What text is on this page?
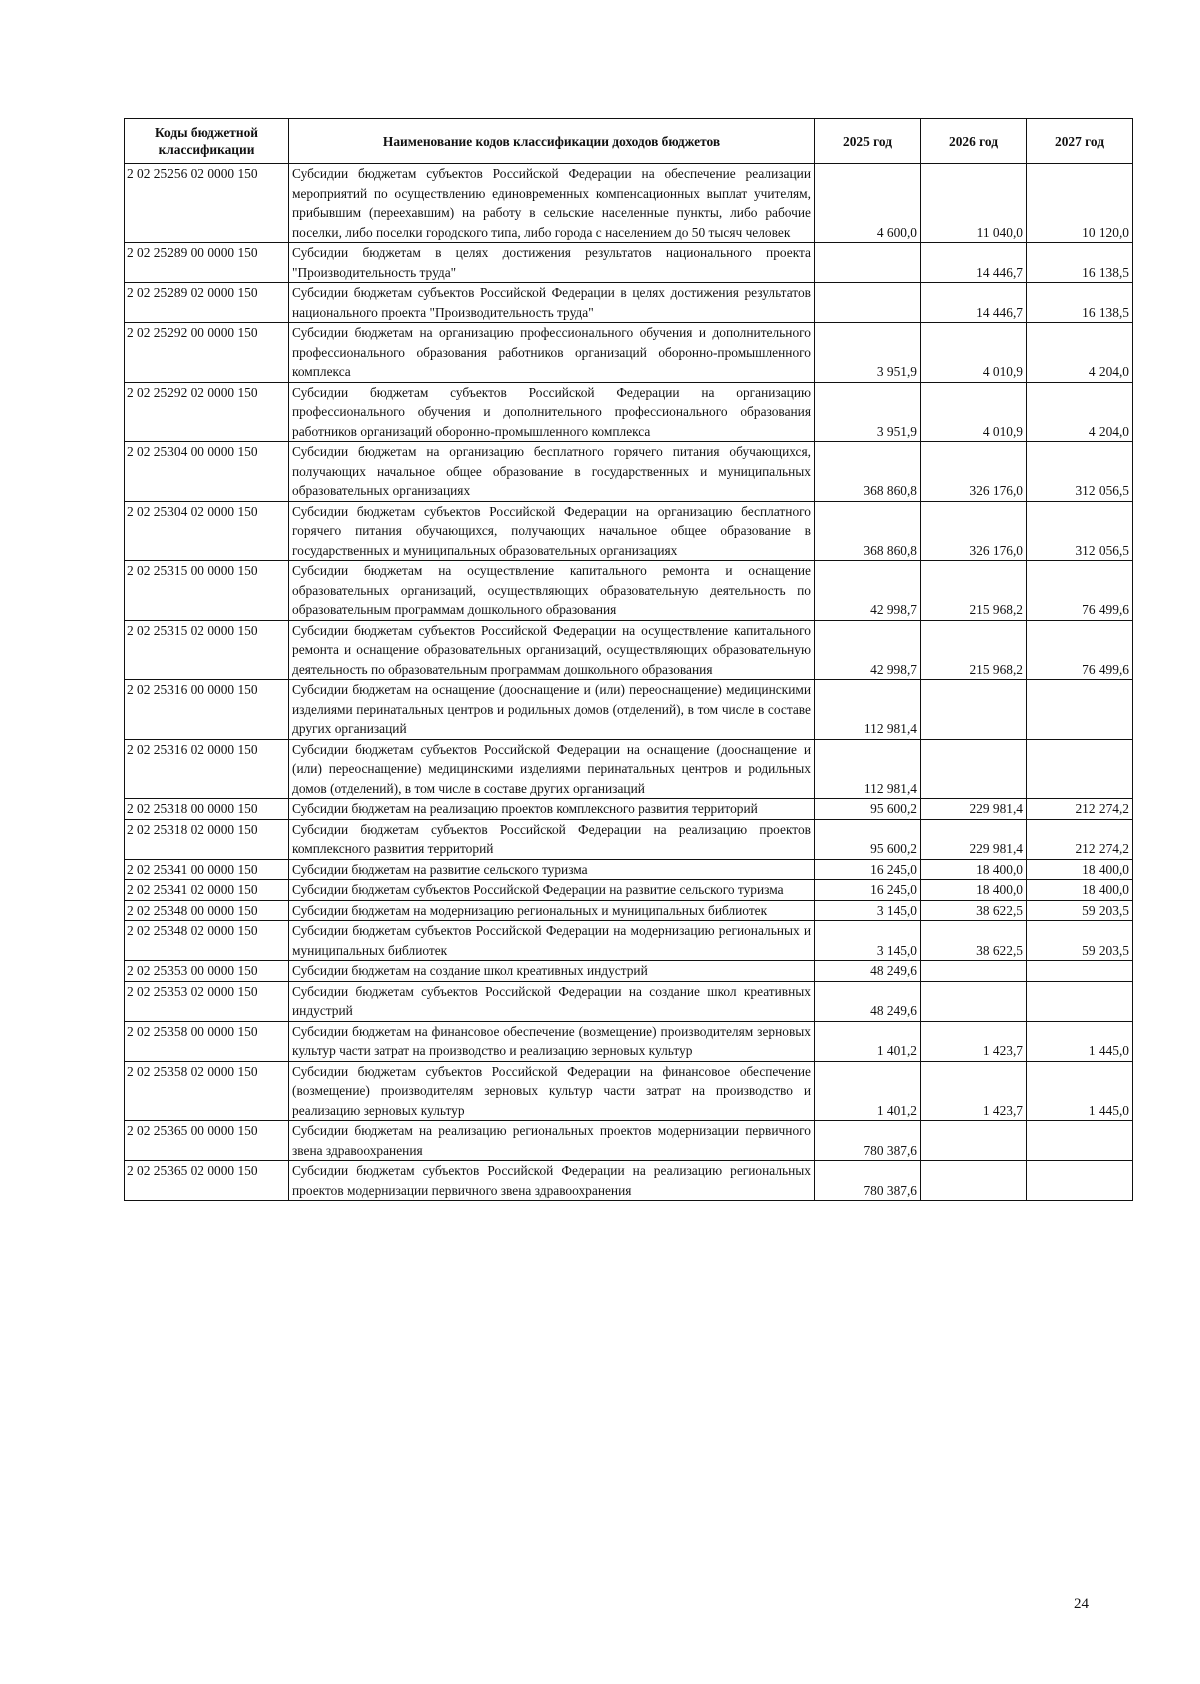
Коды бюджетной классификации	Наименование кодов классификации доходов бюджетов	2025 год	2026 год	2027 год
2 02 25256 02 0000 150	Субсидии бюджетам субъектов Российской Федерации на обеспечение реализации мероприятий по осуществлению единовременных компенсационных выплат учителям, прибывшим (переехавшим) на работу в сельские населенные пункты, либо рабочие поселки, либо поселки городского типа, либо города с населением до 50 тысяч человек	4 600,0	11 040,0	10 120,0
2 02 25289 00 0000 150	Субсидии бюджетам в целях достижения результатов национального проекта "Производительность труда"		14 446,7	16 138,5
2 02 25289 02 0000 150	Субсидии бюджетам субъектов Российской Федерации в целях достижения результатов национального проекта "Производительность труда"		14 446,7	16 138,5
2 02 25292 00 0000 150	Субсидии бюджетам на организацию профессионального обучения и дополнительного профессионального образования работников организаций оборонно-промышленного комплекса	3 951,9	4 010,9	4 204,0
2 02 25292 02 0000 150	Субсидии бюджетам субъектов Российской Федерации на организацию профессионального обучения и дополнительного профессионального образования работников организаций оборонно-промышленного комплекса	3 951,9	4 010,9	4 204,0
2 02 25304 00 0000 150	Субсидии бюджетам на организацию бесплатного горячего питания обучающихся, получающих начальное общее образование в государственных и муниципальных образовательных организациях	368 860,8	326 176,0	312 056,5
2 02 25304 02 0000 150	Субсидии бюджетам субъектов Российской Федерации на организацию бесплатного горячего питания обучающихся, получающих начальное общее образование в государственных и муниципальных образовательных организациях	368 860,8	326 176,0	312 056,5
2 02 25315 00 0000 150	Субсидии бюджетам на осуществление капитального ремонта и оснащение образовательных организаций, осуществляющих образовательную деятельность по образовательным программам дошкольного образования	42 998,7	215 968,2	76 499,6
2 02 25315 02 0000 150	Субсидии бюджетам субъектов Российской Федерации на осуществление капитального ремонта и оснащение образовательных организаций, осуществляющих образовательную деятельность по образовательным программам дошкольного образования	42 998,7	215 968,2	76 499,6
2 02 25316 00 0000 150	Субсидии бюджетам на оснащение (дооснащение и (или) переоснащение) медицинскими изделиями перинатальных центров и родильных домов (отделений), в том числе в составе других организаций	112 981,4		
2 02 25316 02 0000 150	Субсидии бюджетам субъектов Российской Федерации на оснащение (дооснащение и (или) переоснащение) медицинскими изделиями перинатальных центров и родильных домов (отделений), в том числе в составе других организаций	112 981,4		
2 02 25318 00 0000 150	Субсидии бюджетам на реализацию проектов комплексного развития территорий	95 600,2	229 981,4	212 274,2
2 02 25318 02 0000 150	Субсидии бюджетам субъектов Российской Федерации на реализацию проектов комплексного развития территорий	95 600,2	229 981,4	212 274,2
2 02 25341 00 0000 150	Субсидии бюджетам на развитие сельского туризма	16 245,0	18 400,0	18 400,0
2 02 25341 02 0000 150	Субсидии бюджетам субъектов Российской Федерации на развитие сельского туризма	16 245,0	18 400,0	18 400,0
2 02 25348 00 0000 150	Субсидии бюджетам на модернизацию региональных и муниципальных библиотек	3 145,0	38 622,5	59 203,5
2 02 25348 02 0000 150	Субсидии бюджетам субъектов Российской Федерации на модернизацию региональных и муниципальных библиотек	3 145,0	38 622,5	59 203,5
2 02 25353 00 0000 150	Субсидии бюджетам на создание школ креативных индустрий	48 249,6		
2 02 25353 02 0000 150	Субсидии бюджетам субъектов Российской Федерации на создание школ креативных индустрий	48 249,6		
2 02 25358 00 0000 150	Субсидии бюджетам на финансовое обеспечение (возмещение) производителям зерновых культур части затрат на производство и реализацию зерновых культур	1 401,2	1 423,7	1 445,0
2 02 25358 02 0000 150	Субсидии бюджетам субъектов Российской Федерации на финансовое обеспечение (возмещение) производителям зерновых культур части затрат на производство и реализацию зерновых культур	1 401,2	1 423,7	1 445,0
2 02 25365 00 0000 150	Субсидии бюджетам на реализацию региональных проектов модернизации первичного звена здравоохранения	780 387,6		
2 02 25365 02 0000 150	Субсидии бюджетам субъектов Российской Федерации на реализацию региональных проектов модернизации первичного звена здравоохранения	780 387,6		
24
